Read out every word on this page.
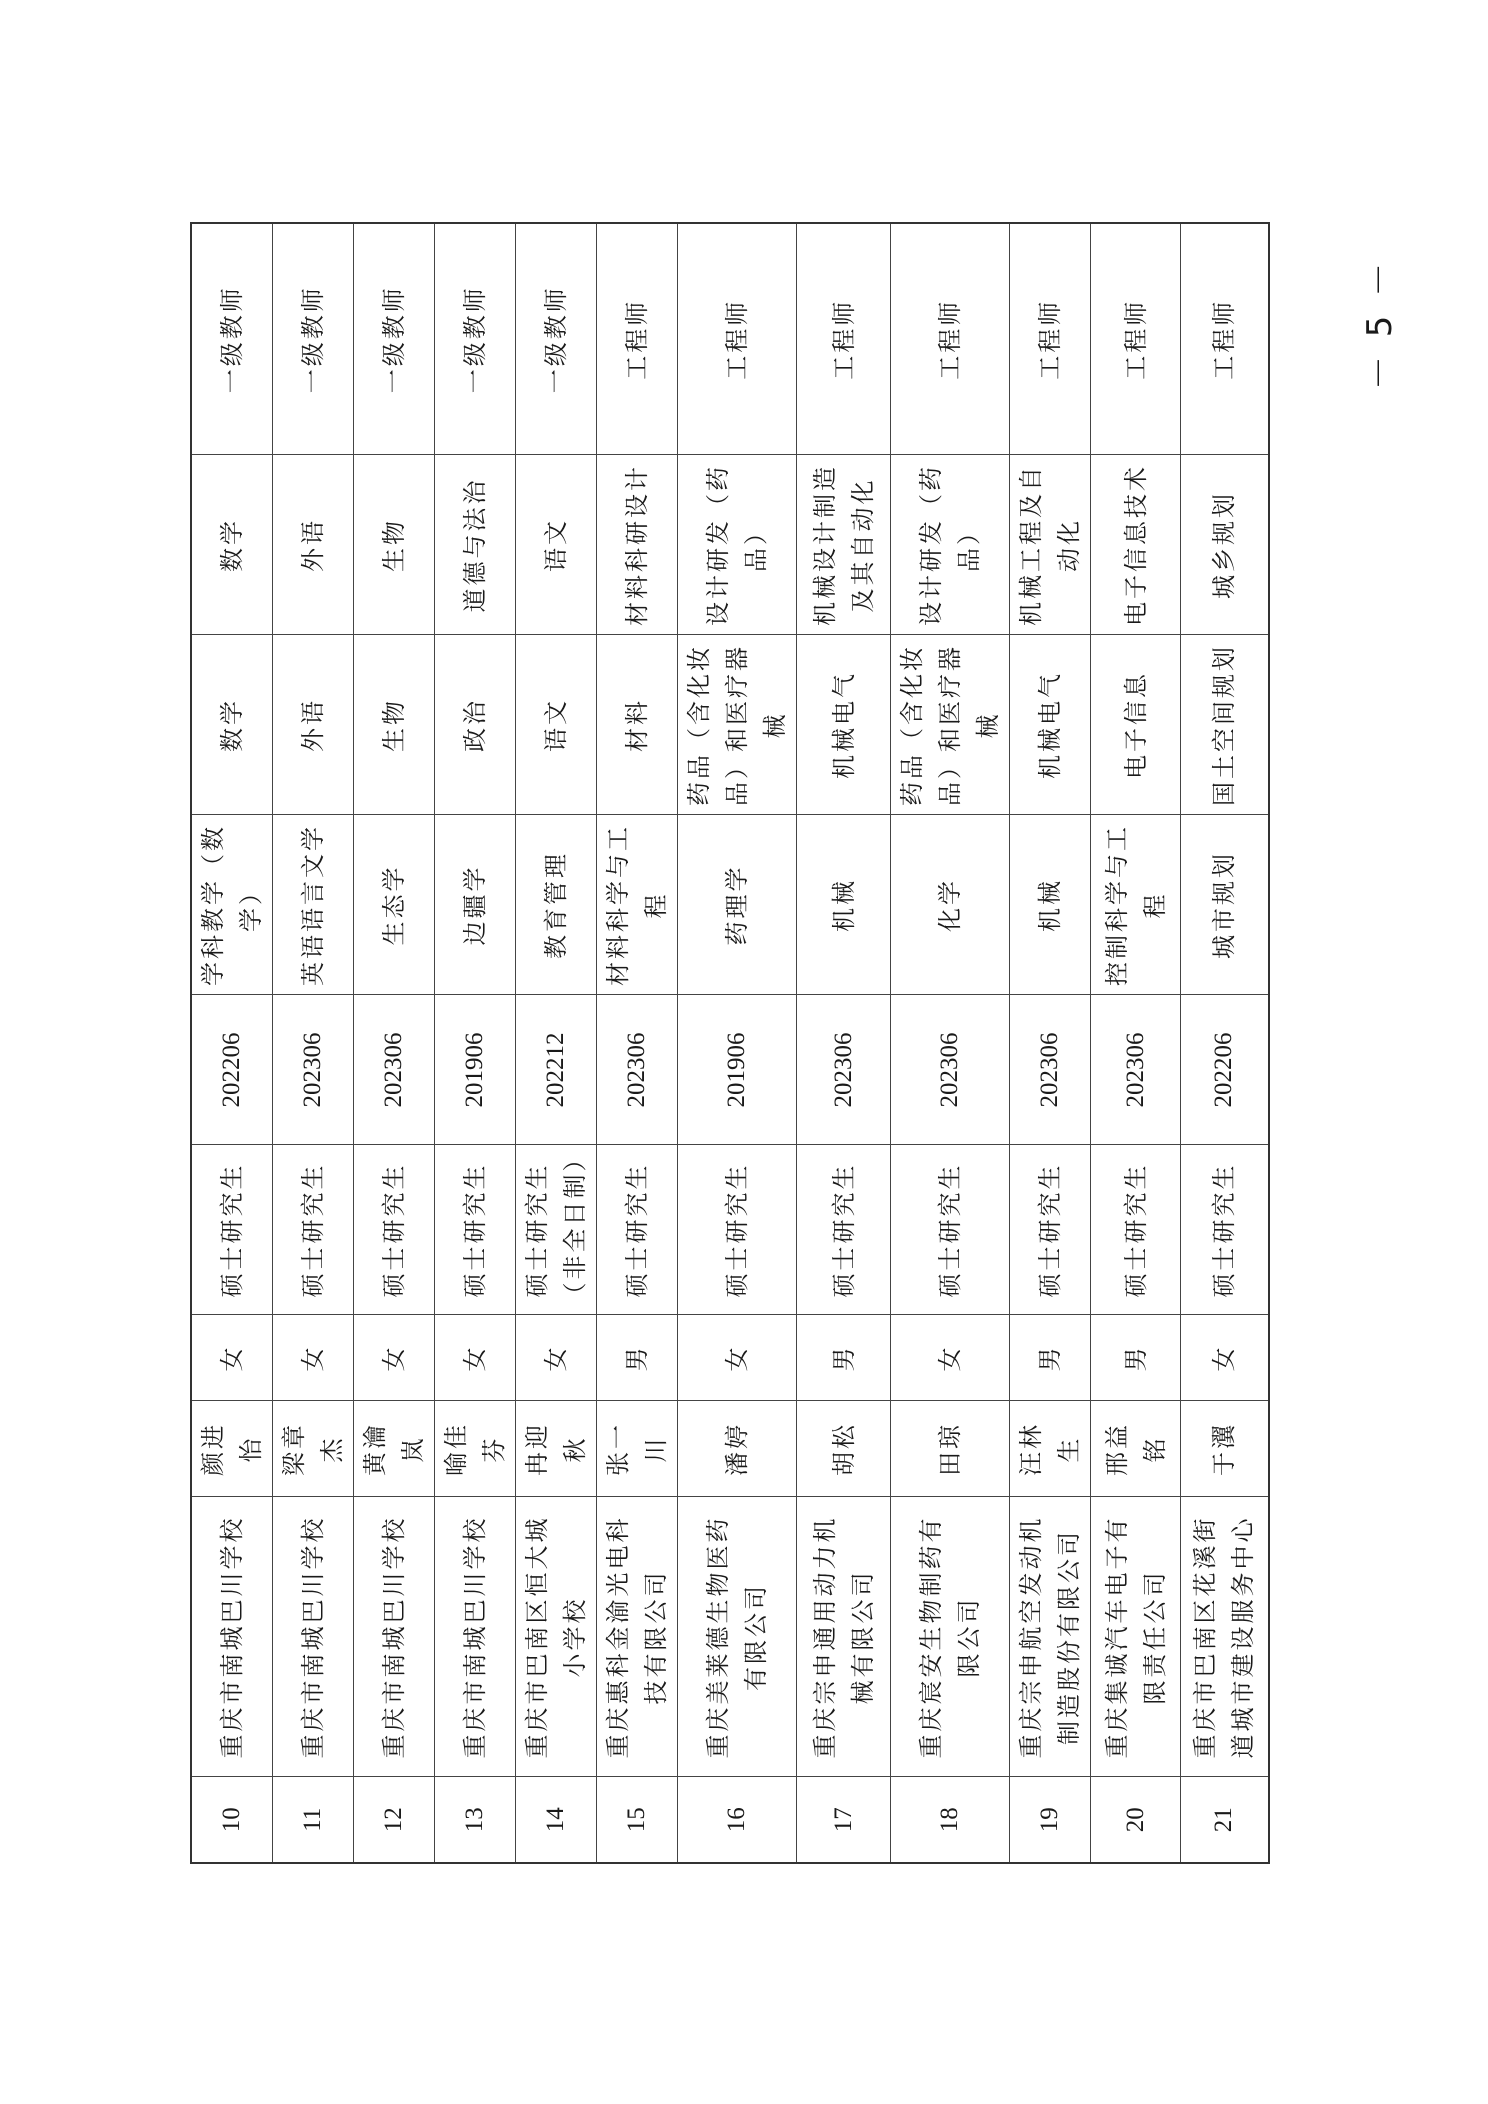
10	重庆市南城巴川学校	颜进怡	女	硕士研究生	202206	学科教学（数学）	数学	数学	一级教师
11	重庆市南城巴川学校	梁章杰	女	硕士研究生	202306	英语语言文学	外语	外语	一级教师
12	重庆市南城巴川学校	黄瀹岚	女	硕士研究生	202306	生态学	生物	生物	一级教师
13	重庆市南城巴川学校	喻佳芬	女	硕士研究生	201906	边疆学	政治	道德与法治	一级教师
14	重庆市巴南区恒大城小学校	冉迎秋	女	硕士研究生（非全日制）	202212	教育管理	语文	语文	一级教师
15	重庆惠科金渝光电科技有限公司	张一川	男	硕士研究生	202306	材料科学与工程	材料	材料科研设计	工程师
16	重庆美莱德生物医药有限公司	潘婷	女	硕士研究生	201906	药理学	药品（含化妆品）和医疗器械	设计研发（药品）	工程师
17	重庆宗申通用动力机械有限公司	胡松	男	硕士研究生	202306	机械	机械电气	机械设计制造及其自动化	工程师
18	重庆宸安生物制药有限公司	田琼	女	硕士研究生	202306	化学	药品（含化妆品）和医疗器械	设计研发（药品）	工程师
19	重庆宗申航空发动机制造股份有限公司	汪林生	男	硕士研究生	202306	机械	机械电气	机械工程及自动化	工程师
20	重庆集诚汽车电子有限责任公司	邢益铭	男	硕士研究生	202306	控制科学与工程	电子信息	电子信息技术	工程师
21	重庆市巴南区花溪街道城市建设服务中心	于瀷	女	硕士研究生	202206	城市规划	国土空间规划	城乡规划	工程师	－ 5 －
